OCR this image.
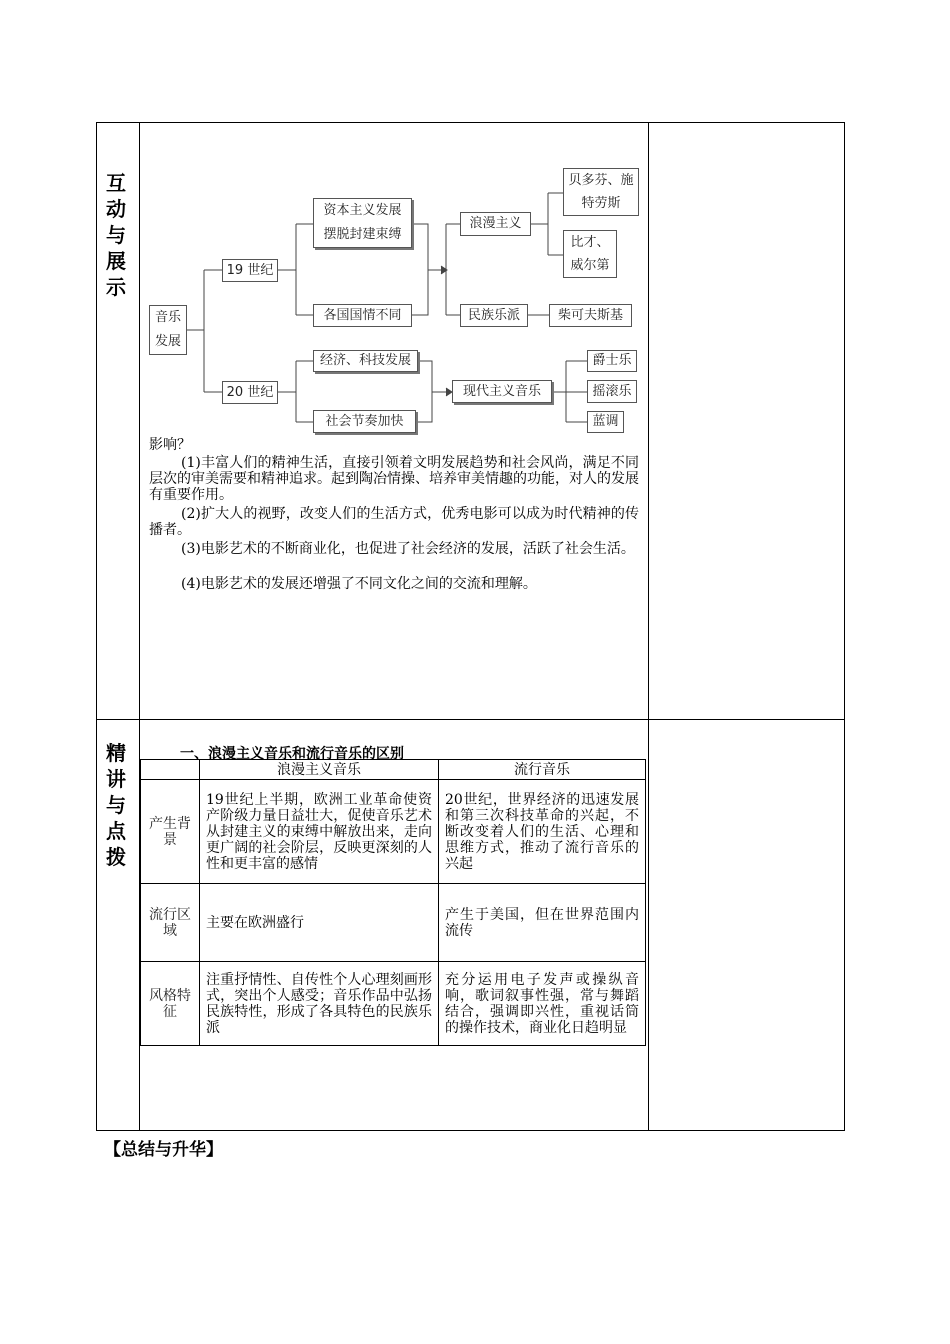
互
动
与
展
示
精
讲
与
点
拨
音乐
发展
19 世纪
20 世纪
资本主义发展
摆脱封建束缚
各国国情不同
浪漫主义
民族乐派
贝多芬、施
特劳斯
比才、
威尔第
柴可夫斯基
经济、科技发展
社会节奏加快
现代主义音乐
爵士乐
摇滚乐
蓝调
影响？
(1)丰富人们的精神生活，直接引领着文明发展趋势和社会风尚，满足不同层次的审美需要和精神追求。起到陶冶情操、培养审美情趣的功能，对人的发展有重要作用。
(2)扩大人的视野，改变人们的生活方式，优秀电影可以成为时代精神的传播者。
(3)电影艺术的不断商业化，也促进了社会经济的发展，活跃了社会生活。
(4)电影艺术的发展还增强了不同文化之间的交流和理解。
一、浪漫主义音乐和流行音乐的区别
	浪漫主义音乐	流行音乐
产生背景	19世纪上半期，欧洲工业革命使资产阶级力量日益壮大，促使音乐艺术从封建主义的束缚中解放出来，走向更广阔的社会阶层，反映更深刻的人性和更丰富的感情	20世纪，世界经济的迅速发展和第三次科技革命的兴起，不断改变着人们的生活、心理和思维方式，推动了流行音乐的兴起
流行区域	主要在欧洲盛行	产生于美国，但在世界范围内流传
风格特征	注重抒情性、自传性个人心理刻画形式，突出个人感受；音乐作品中弘扬民族特性，形成了各具特色的民族乐派	充分运用电子发声或操纵音响，歌词叙事性强，常与舞蹈结合，强调即兴性，重视话筒的操作技术，商业化日趋明显
【总结与升华】
